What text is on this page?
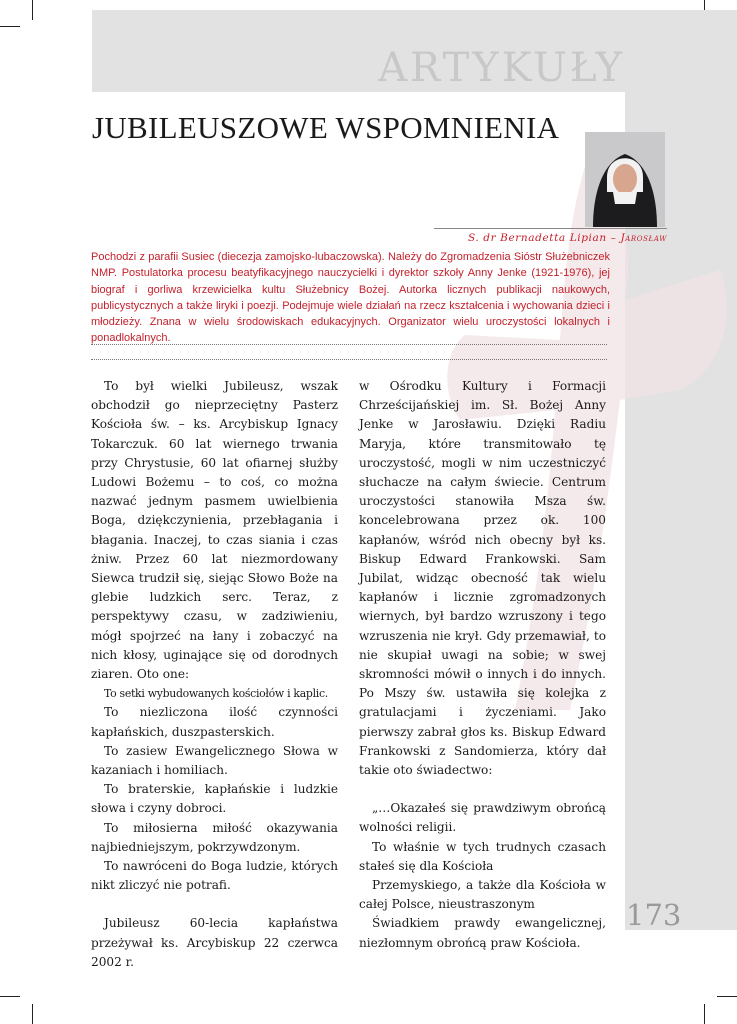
ARTYKUŁY
JUBILEUSZOWE WSPOMNIENIA
S. dr Bernadetta Lipian – Jarosław
Pochodzi z parafii Susiec (diecezja zamojsko-lubaczowska). Należy do Zgromadzenia Sióstr Służebniczek NMP. Postulatorka procesu beatyfikacyjnego nauczycielki i dyrektor szkoły Anny Jenke (1921-1976), jej biograf i gorliwa krzewicielka kultu Służebnicy Bożej. Autorka licznych publikacji naukowych, publicystycznych a także liryki i poezji. Podejmuje wiele działań na rzecz kształcenia i wychowania dzieci i młodzieży. Znana w wielu środowiskach edukacyjnych. Organizator wielu uroczystości lokalnych i ponadlokalnych.

To był wielki Jubileusz, wszak obchodził go nieprzeciętny Pasterz Kościoła św. – ks. Arcybiskup Ignacy Tokarczuk. 60 lat wiernego trwania przy Chrystusie, 60 lat ofiarnej służby Ludowi Bożemu – to coś, co można nazwać jednym pasmem uwielbienia Boga, dziękczynienia, przebłagania i błagania. Inaczej, to czas siania i czas żniw. Przez 60 lat niezmordowany Siewca trudził się, siejąc Słowo Boże na glebie ludzkich serc. Teraz, z perspektywy czasu, w zadziwieniu, mógł spojrzeć na łany i zobaczyć na nich kłosy, uginające się od dorodnych ziaren. Oto one:

To setki wybudowanych kościołów i kaplic.

To niezliczona ilość czynności kapłańskich, duszpasterskich.

To zasiew Ewangelicznego Słowa w kazaniach i homiliach.

To braterskie, kapłańskie i ludzkie słowa i czyny dobroci.

To miłosierna miłość okazywania najbiedniejszym, pokrzywdzonym.

To nawróceni do Boga ludzie, których nikt zliczyć nie potrafi.

Jubileusz 60-lecia kapłaństwa przeżywał ks. Arcybiskup 22 czerwca 2002 r.

w Ośrodku Kultury i Formacji Chrześcijańskiej im. Sł. Bożej Anny Jenke w Jarosławiu. Dzięki Radiu Maryja, które transmitowało tę uroczystość, mogli w nim uczestniczyć słuchacze na całym świecie. Centrum uroczystości stanowiła Msza św. koncelebrowana przez ok. 100 kapłanów, wśród nich obecny był ks. Biskup Edward Frankowski. Sam Jubilat, widząc obecność tak wielu kapłanów i licznie zgromadzonych wiernych, był bardzo wzruszony i tego wzruszenia nie krył. Gdy przemawiał, to nie skupiał uwagi na sobie; w swej skromności mówił o innych i do innych. Po Mszy św. ustawiła się kolejka z gratulacjami i życzeniami. Jako pierwszy zabrał głos ks. Biskup Edward Frankowski z Sandomierza, który dał takie oto świadectwo:

„…Okazałeś się prawdziwym obrońcą wolności religii.

To właśnie w tych trudnych czasach stałeś się dla Kościoła

Przemyskiego, a także dla Kościoła w całej Polsce, nieustraszonym

Świadkiem prawdy ewangelicznej, niezłomnym obrońcą praw Kościoła.

173
